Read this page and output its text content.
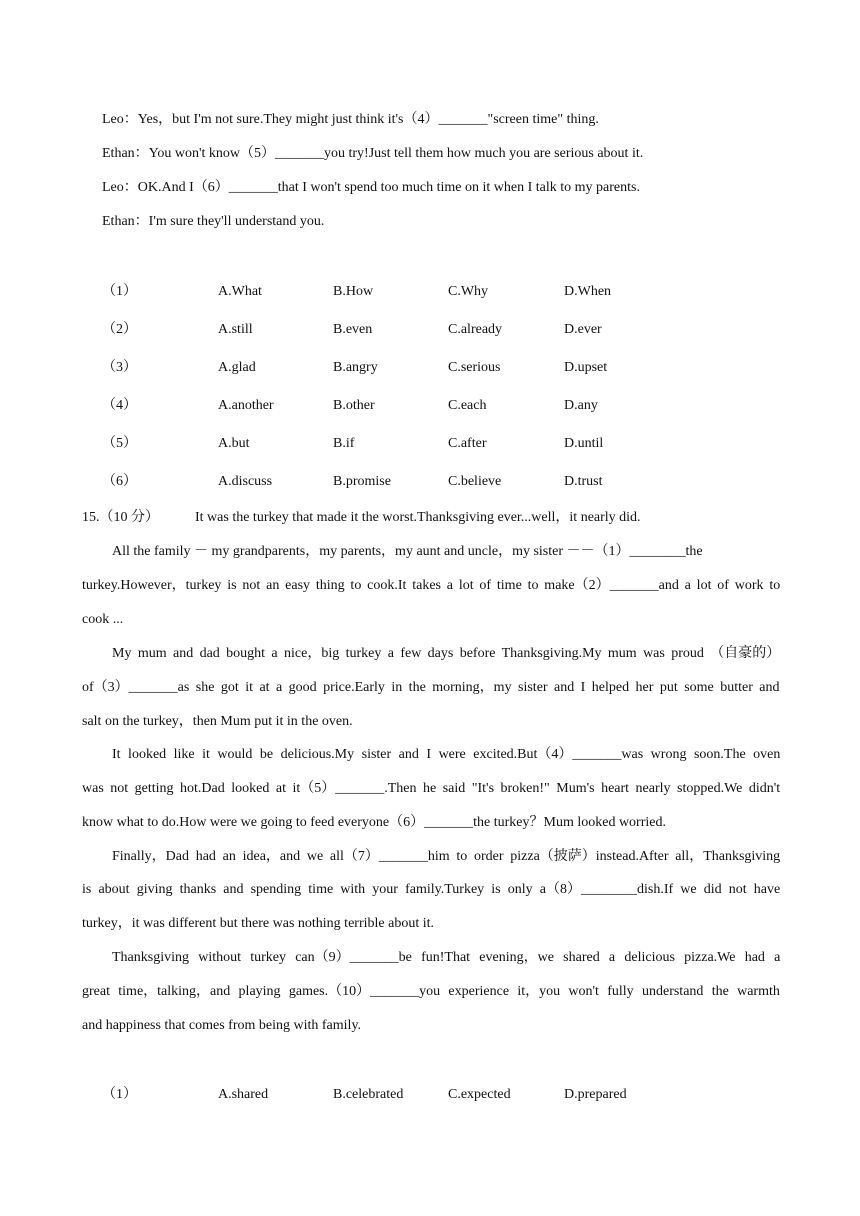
Leo：Yes，but I'm not sure.They might just think it's（4）_______"screen time" thing.
Ethan：You won't know（5）_______you try!Just tell them how much you are serious about it.
Leo：OK.And I（6）_______that I won't spend too much time on it when I talk to my parents.
Ethan：I'm sure they'll understand you.
（1）	A.What	B.How	C.Why	D.When
（2）	A.still	B.even	C.already	D.ever
（3）	A.glad	B.angry	C.serious	D.upset
（4）	A.another	B.other	C.each	D.any
（5）	A.but	B.if	C.after	D.until
（6）	A.discuss	B.promise	C.believe	D.trust
15.（10 分）	It was the turkey that made it the worst.Thanksgiving ever...well，it nearly did.
All the family － my grandparents，my parents，my aunt and uncle，my sister －－（1）________the
turkey.However，turkey is not an easy thing to cook.It takes a lot of time to make（2）_______and a lot of work to
cook ...
My mum and dad bought a nice，big turkey a few days before Thanksgiving.My mum was proud （自豪的）
of（3）_______as she got it at a good price.Early in the morning，my sister and I helped her put some butter and
salt on the turkey，then Mum put it in the oven.
It looked like it would be delicious.My sister and I were excited.But（4）_______was wrong soon.The oven
was not getting hot.Dad looked at it（5）_______.Then he said "It's broken!" Mum's heart nearly stopped.We didn't
know what to do.How were we going to feed everyone（6）_______the turkey？Mum looked worried.
Finally，Dad had an idea，and we all（7）_______him to order pizza（披萨）instead.After all，Thanksgiving
is about giving thanks and spending time with your family.Turkey is only a（8）________dish.If we did not have
turkey，it was different but there was nothing terrible about it.
Thanksgiving without turkey can（9）_______be fun!That evening，we shared a delicious pizza.We had a
great time，talking，and playing games.（10）_______you experience it，you won't fully understand the warmth
and happiness that comes from being with family.
（1）	A.shared	B.celebrated	C.expected	D.prepared
